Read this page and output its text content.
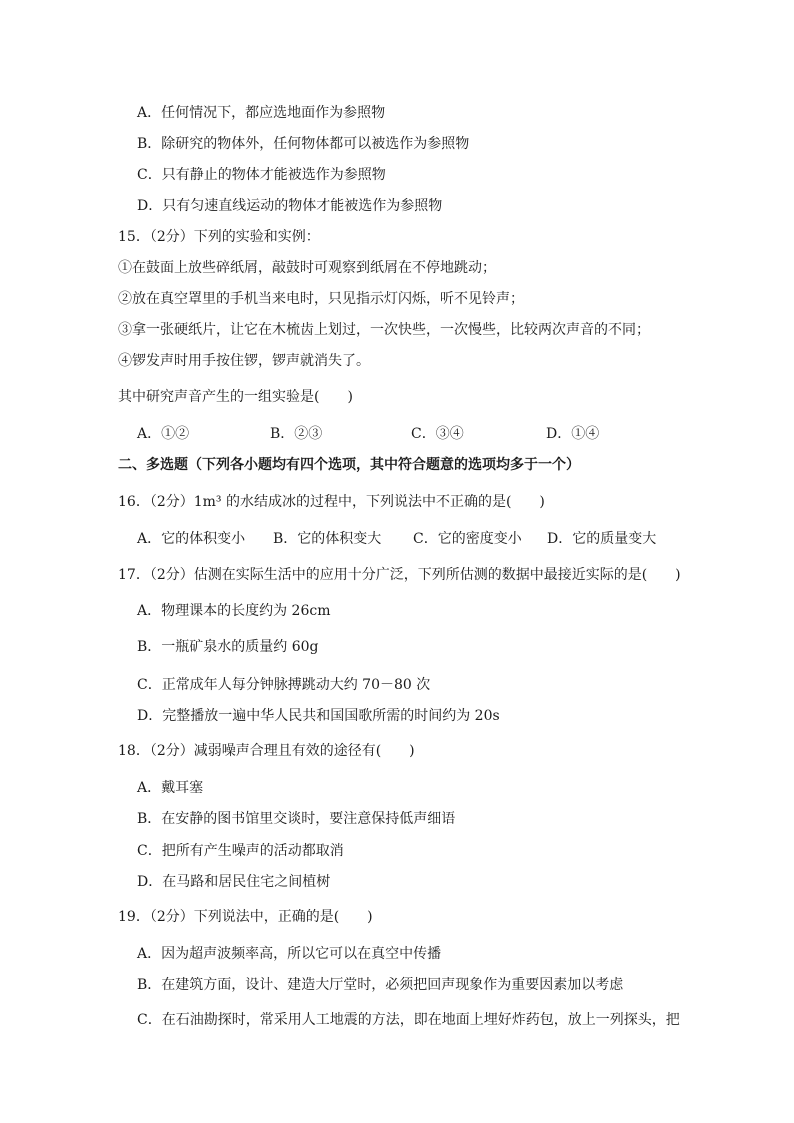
A．任何情况下，都应选地面作为参照物
B．除研究的物体外，任何物体都可以被选作为参照物
C．只有静止的物体才能被选作为参照物
D．只有匀速直线运动的物体才能被选作为参照物
15．（2分）下列的实验和实例：
①在鼓面上放些碎纸屑，敲鼓时可观察到纸屑在不停地跳动；
②放在真空罩里的手机当来电时，只见指示灯闪烁，听不见铃声；
③拿一张硬纸片，让它在木梳齿上划过，一次快些，一次慢些，比较两次声音的不同；
④锣发声时用手按住锣，锣声就消失了。
其中研究声音产生的一组实验是(　　)
A．①②	B．②③	C．③④	D．①④
二、多选题（下列各小题均有四个选项，其中符合题意的选项均多于一个）
16．（2分）1m³ 的水结成冰的过程中，下列说法中不正确的是(　　)
A．它的体积变小 B．它的体积变大 C．它的密度变小 D．它的质量变大
17．（2分）估测在实际生活中的应用十分广泛，下列所估测的数据中最接近实际的是(　　)
A．物理课本的长度约为 26cm
B．一瓶矿泉水的质量约 60g
C．正常成年人每分钟脉搏跳动大约 70－80 次
D．完整播放一遍中华人民共和国国歌所需的时间约为 20s
18．（2分）减弱噪声合理且有效的途径有(　　)
A．戴耳塞
B．在安静的图书馆里交谈时，要注意保持低声细语
C．把所有产生噪声的活动都取消
D．在马路和居民住宅之间植树
19．（2分）下列说法中，正确的是(　　)
A．因为超声波频率高，所以它可以在真空中传播
B．在建筑方面，设计、建造大厅堂时，必须把回声现象作为重要因素加以考虑
C．在石油勘探时，常采用人工地震的方法，即在地面上埋好炸药包，放上一列探头，把
